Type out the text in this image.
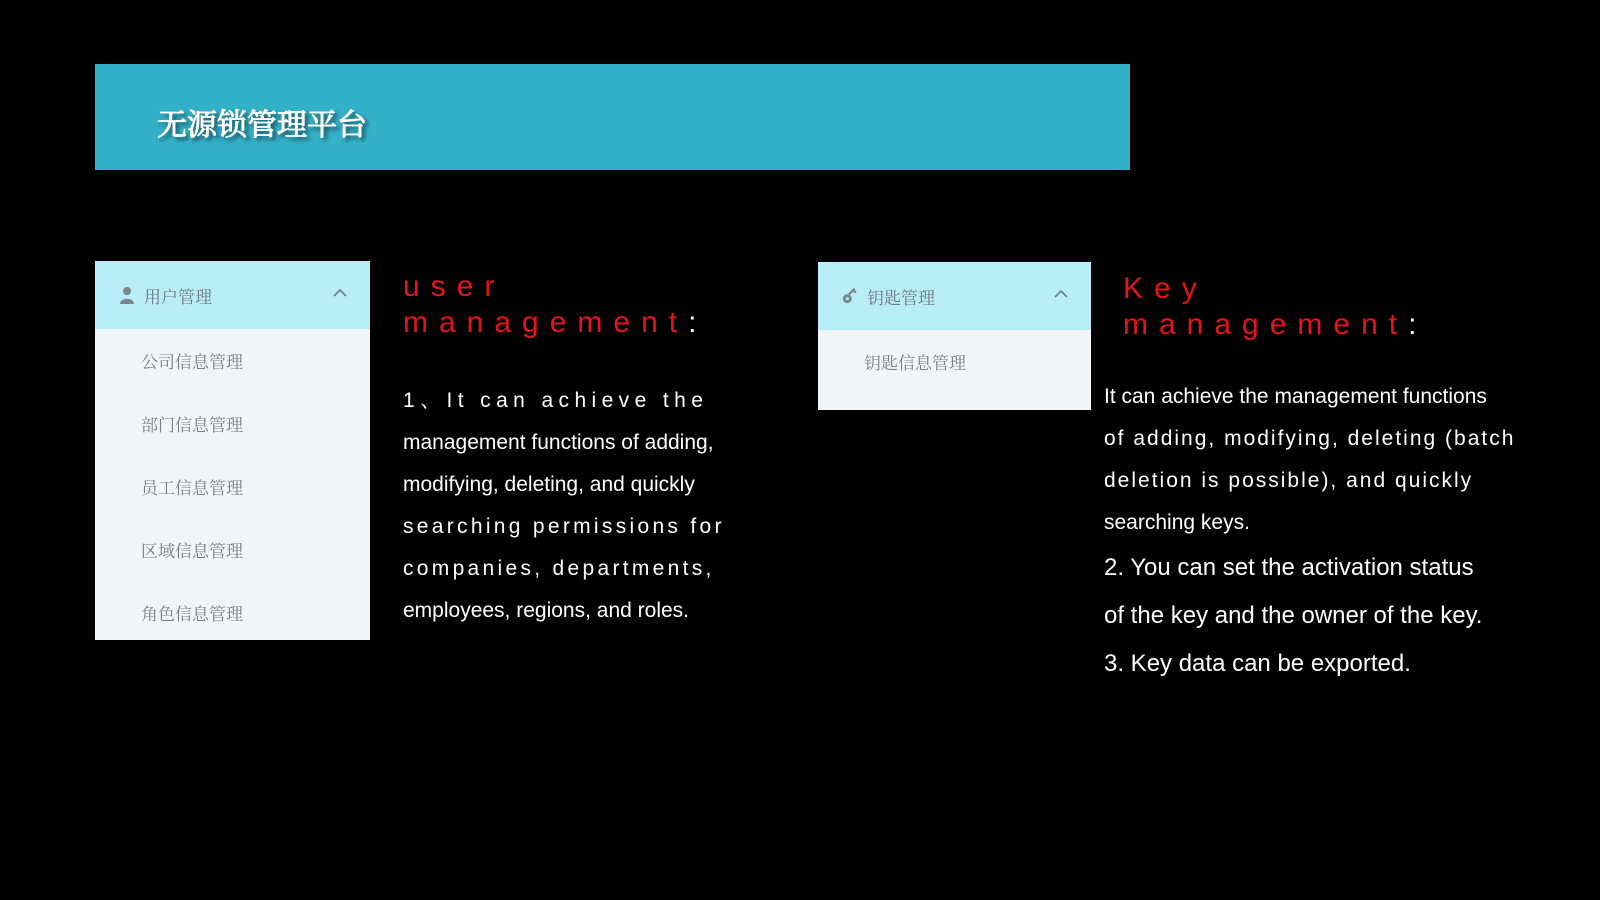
无源锁管理平台
用户管理
公司信息管理
部门信息管理
员工信息管理
区域信息管理
角色信息管理
user
management:
1、It can achieve the
management functions of adding,
modifying, deleting, and quickly
searching permissions for
companies, departments,
employees, regions, and roles.
钥匙管理
钥匙信息管理
Key
management:
It can achieve the management functions
of adding, modifying, deleting (batch
deletion is possible), and quickly
searching keys.
2. You can set the activation status
of the key and the owner of the key.
3. Key data can be exported.
